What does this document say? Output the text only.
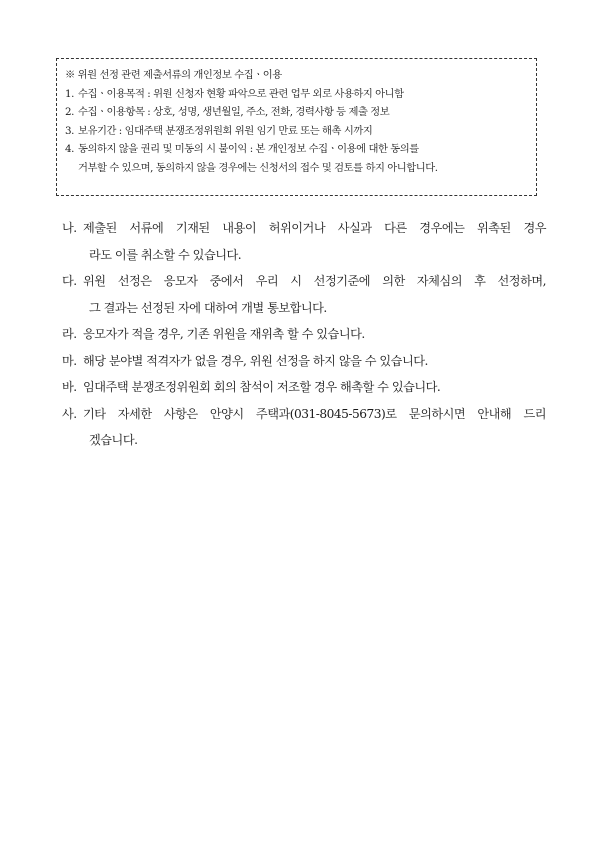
※ 위원 선정 관련 제출서류의 개인정보 수집ㆍ이용
1. 수집ㆍ이용목적 : 위원 신청자 현황 파악으로 관련 업무 외로 사용하지 아니함
2. 수집ㆍ이용항목 : 상호, 성명, 생년월일, 주소, 전화, 경력사항 등 제출 정보
3. 보유기간 : 임대주택 분쟁조정위원회 위원 임기 만료 또는 해촉 시까지
4. 동의하지 않을 권리 및 미동의 시 불이익 : 본 개인정보 수집ㆍ이용에 대한 동의를
거부할 수 있으며, 동의하지 않을 경우에는 신청서의 접수 및 검토를 하지 아니합니다.
나. 제출된 서류에 기재된 내용이 허위이거나 사실과 다른 경우에는 위촉된 경우
라도 이를 취소할 수 있습니다.
다. 위원 선정은 응모자 중에서 우리 시 선정기준에 의한 자체심의 후 선정하며,
그 결과는 선정된 자에 대하여 개별 통보합니다.
라. 응모자가 적을 경우, 기존 위원을 재위촉 할 수 있습니다.
마. 해당 분야별 적격자가 없을 경우, 위원 선정을 하지 않을 수 있습니다.
바. 임대주택 분쟁조정위원회 회의 참석이 저조할 경우 해촉할 수 있습니다.
사. 기타 자세한 사항은 안양시 주택과(031-8045-5673)로 문의하시면 안내해 드리
겠습니다.
